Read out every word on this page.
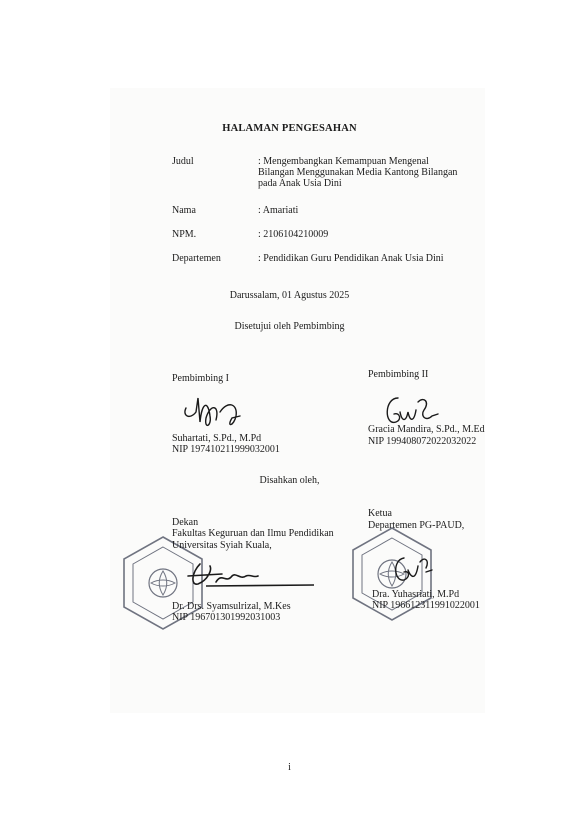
HALAMAN PENGESAHAN
Judul	: Mengembangkan Kemampuan Mengenal Bilangan Menggunakan Media Kantong Bilangan pada Anak Usia Dini
Nama	: Amariati
NPM.	: 2106104210009
Departemen	: Pendidikan Guru Pendidikan Anak Usia Dini
Darussalam, 01 Agustus 2025
Disetujui oleh Pembimbing
Pembimbing I
Suhartati, S.Pd., M.Pd
NIP 197410211999032001
Pembimbing II
Gracia Mandira, S.Pd., M.Ed
NIP 199408072022032022
Disahkan oleh,
Dekan
Fakultas Keguruan dan Ilmu Pendidikan
Universitas Syiah Kuala,
Dr. Drs. Syamsulrizal, M.Kes
NIP 196701301992031003
Ketua
Departemen PG-PAUD,
Dra. Yuhasriati, M.Pd
NIP 196612311991022001
i
